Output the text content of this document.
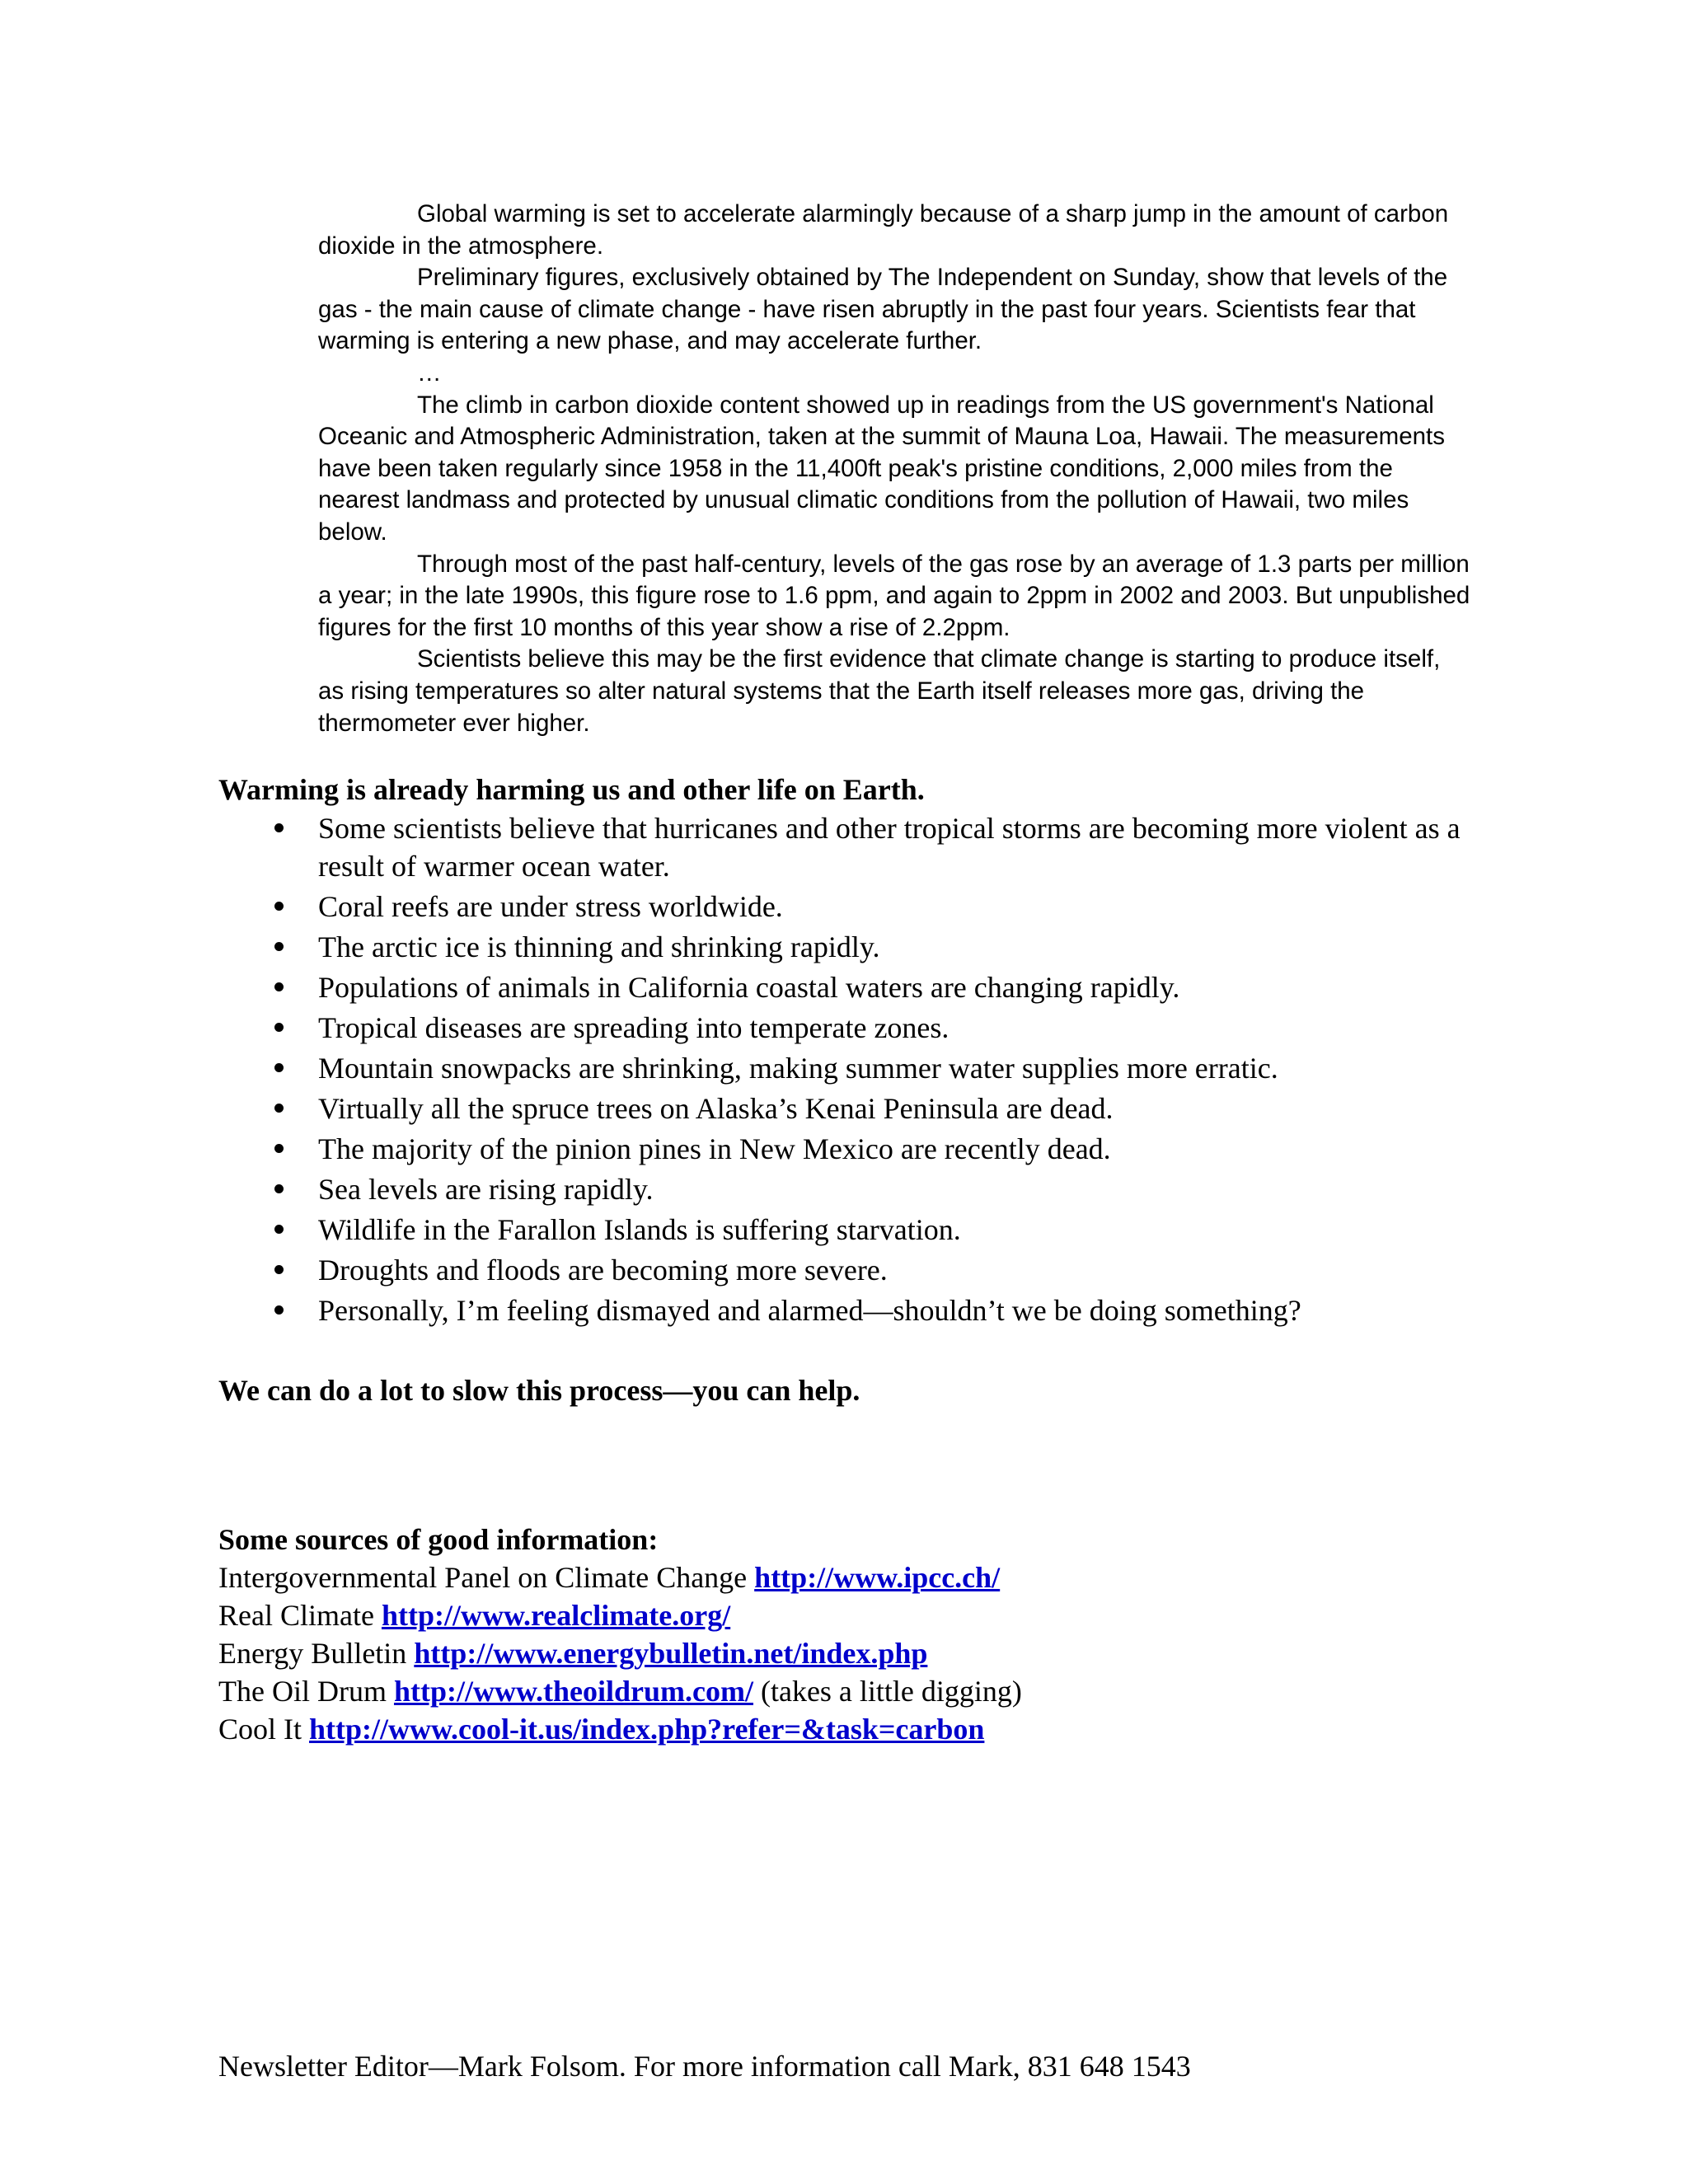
Global warming is set to accelerate alarmingly because of a sharp jump in the amount of carbon dioxide in the atmosphere.

Preliminary figures, exclusively obtained by The Independent on Sunday, show that levels of the gas - the main cause of climate change - have risen abruptly in the past four years. Scientists fear that warming is entering a new phase, and may accelerate further.

…

The climb in carbon dioxide content showed up in readings from the US government's National Oceanic and Atmospheric Administration, taken at the summit of Mauna Loa, Hawaii. The measurements have been taken regularly since 1958 in the 11,400ft peak's pristine conditions, 2,000 miles from the nearest landmass and protected by unusual climatic conditions from the pollution of Hawaii, two miles below.

Through most of the past half-century, levels of the gas rose by an average of 1.3 parts per million a year; in the late 1990s, this figure rose to 1.6 ppm, and again to 2ppm in 2002 and 2003. But unpublished figures for the first 10 months of this year show a rise of 2.2ppm.

Scientists believe this may be the first evidence that climate change is starting to produce itself, as rising temperatures so alter natural systems that the Earth itself releases more gas, driving the thermometer ever higher.

Warming is already harming us and other life on Earth.
Some scientists believe that hurricanes and other tropical storms are becoming more violent as a result of warmer ocean water.
Coral reefs are under stress worldwide.
The arctic ice is thinning and shrinking rapidly.
Populations of animals in California coastal waters are changing rapidly.
Tropical diseases are spreading into temperate zones.
Mountain snowpacks are shrinking, making summer water supplies more erratic.
Virtually all the spruce trees on Alaska’s Kenai Peninsula are dead.
The majority of the pinion pines in New Mexico are recently dead.
Sea levels are rising rapidly.
Wildlife in the Farallon Islands is suffering starvation.
Droughts and floods are becoming more severe.
Personally, I’m feeling dismayed and alarmed—shouldn’t we be doing something?
We can do a lot to slow this process—you can help.
Some sources of good information:
Intergovernmental Panel on Climate Change http://www.ipcc.ch/
Real Climate http://www.realclimate.org/
Energy Bulletin http://www.energybulletin.net/index.php
The Oil Drum http://www.theoildrum.com/ (takes a little digging)
Cool It http://www.cool-it.us/index.php?refer=&task=carbon
Newsletter Editor—Mark Folsom. For more information call Mark, 831 648 1543
